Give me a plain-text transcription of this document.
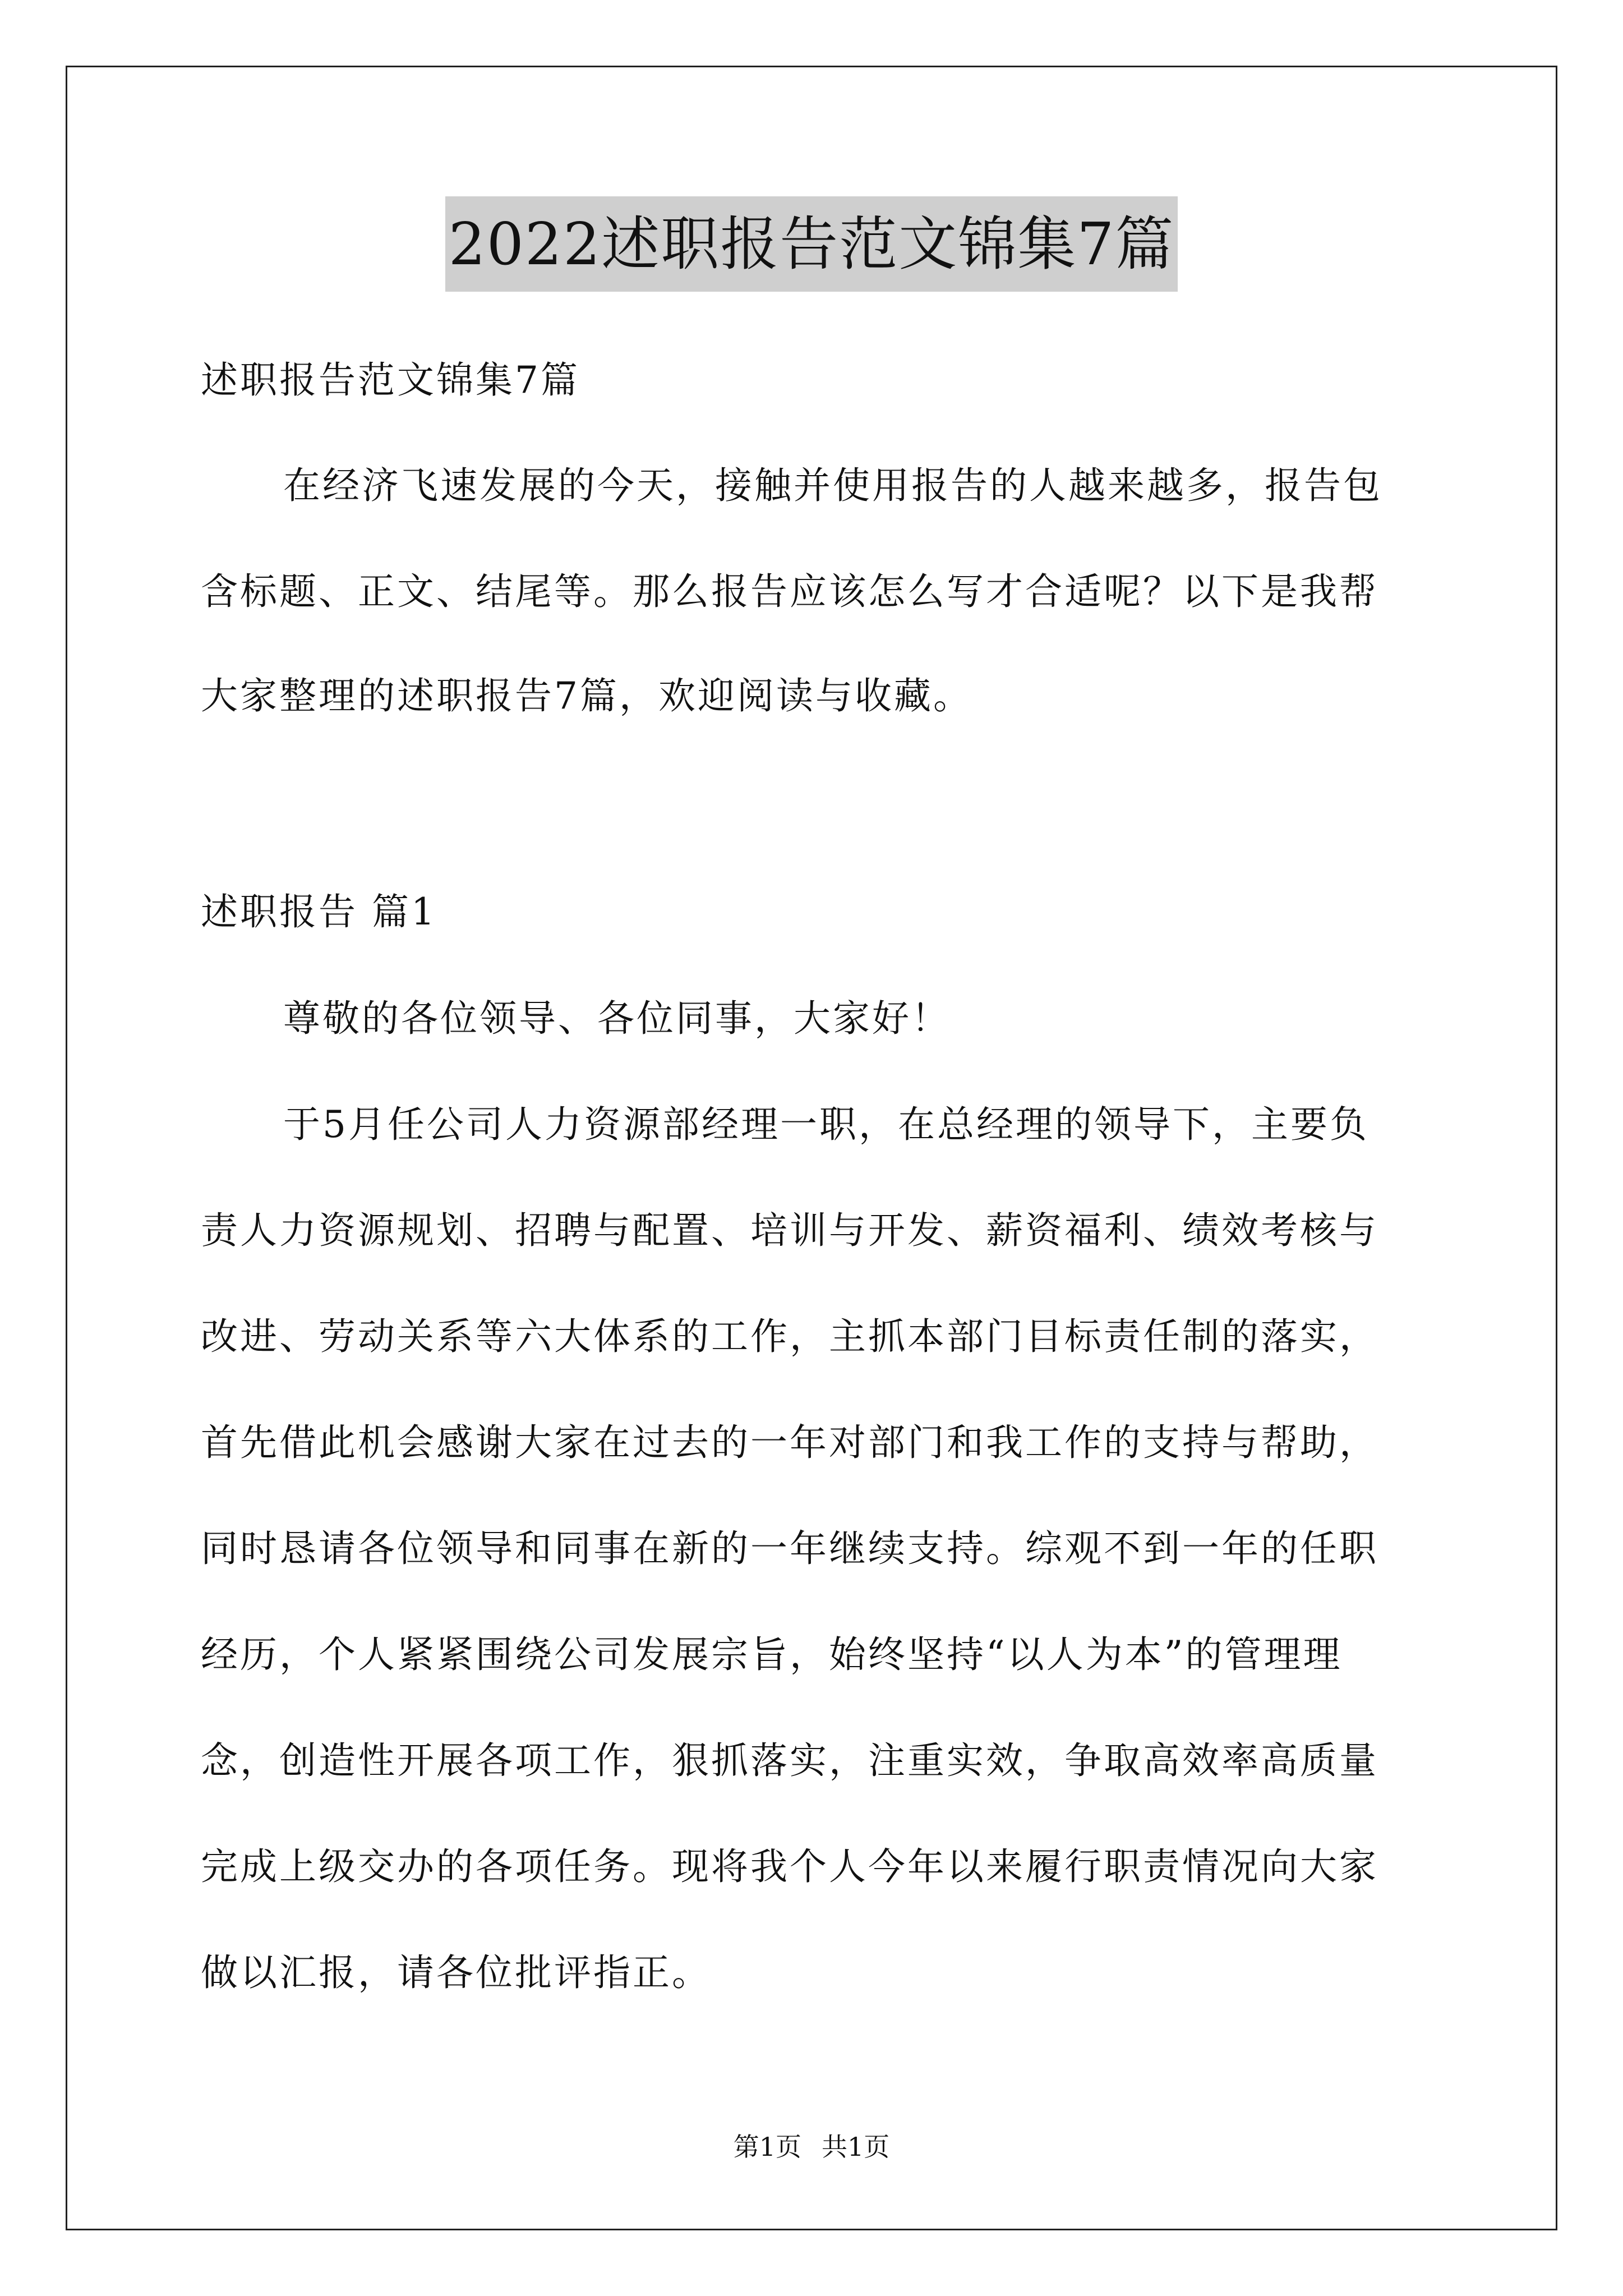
2022述职报告范文锦集7篇
述职报告范文锦集7篇
在经济飞速发展的今天，接触并使用报告的人越来越多，报告包
含标题、正文、结尾等。那么报告应该怎么写才合适呢？以下是我帮
大家整理的述职报告7篇，欢迎阅读与收藏。
述职报告 篇1
尊敬的各位领导、各位同事，大家好！
于5月任公司人力资源部经理一职，在总经理的领导下，主要负
责人力资源规划、招聘与配置、培训与开发、薪资福利、绩效考核与
改进、劳动关系等六大体系的工作，主抓本部门目标责任制的落实，
首先借此机会感谢大家在过去的一年对部门和我工作的支持与帮助，
同时恳请各位领导和同事在新的一年继续支持。综观不到一年的任职
经历，个人紧紧围绕公司发展宗旨，始终坚持“以人为本”的管理理
念，创造性开展各项工作，狠抓落实，注重实效，争取高效率高质量
完成上级交办的各项任务。现将我个人今年以来履行职责情况向大家
做以汇报，请各位批评指正。
第1页 共1页
